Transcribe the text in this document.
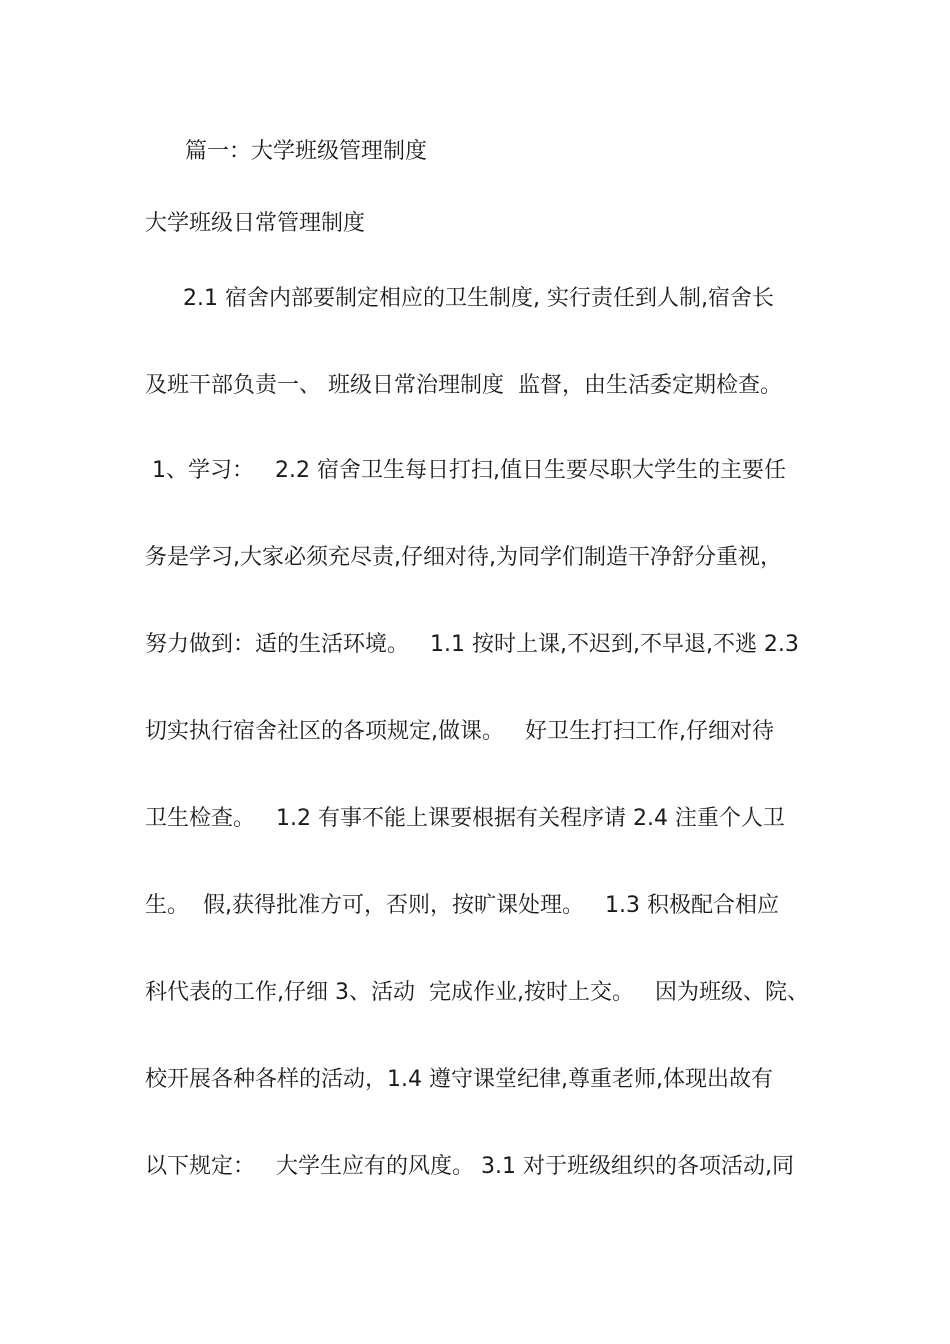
篇一：大学班级管理制度

大学班级日常管理制度

2.1 宿舍内部要制定相应的卫生制度, 实行责任到人制,宿舍长

及班干部负责一、 班级日常治理制度  监督，由生活委定期检查。

1、学习：   2.2 宿舍卫生每日打扫,值日生要尽职大学生的主要任

务是学习,大家必须充尽责,仔细对待,为同学们制造干净舒分重视，

努力做到：适的生活环境。   1.1 按时上课,不迟到,不早退,不逃 2.3

切实执行宿舍社区的各项规定,做课。   好卫生打扫工作,仔细对待

卫生检查。   1.2 有事不能上课要根据有关程序请 2.4 注重个人卫

生。  假,获得批准方可，否则，按旷课处理。   1.3 积极配合相应

科代表的工作,仔细 3、活动  完成作业,按时上交。   因为班级、院、

校开展各种各样的活动，1.4 遵守课堂纪律,尊重老师,体现出故有

以下规定：   大学生应有的风度。 3.1 对于班级组织的各项活动,同
